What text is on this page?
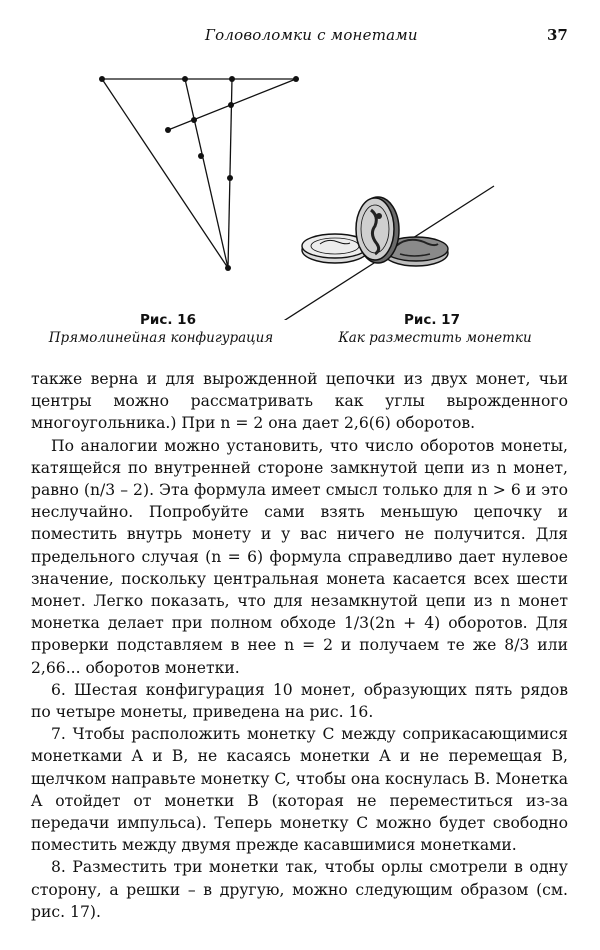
Головоломки с монетами	37
Рис. 16
Прямолинейная конфигурация
Рис. 17
Как разместить монетки

также верна и для вырожденной цепочки из двух монет, чьи центры можно рассматривать как углы вырожденного многоугольника.) При n = 2 она дает 2,6(6) оборотов.

По аналогии можно установить, что число оборотов монеты, катящейся по внутренней стороне замкнутой цепи из n монет, равно (n/3 – 2). Эта формула имеет смысл только для n > 6 и это неслучайно. Попробуйте сами взять меньшую цепочку и поместить внутрь монету и у вас ничего не получится. Для предельного случая (n = 6) формула справедливо дает нулевое значение, поскольку центральная монета касается всех шести монет. Легко показать, что для незамкнутой цепи из n монет монетка делает при полном обходе 1/3(2n + 4) оборотов. Для проверки подставляем в нее n = 2 и получаем те же 8/3 или 2,66... оборотов монетки.

6. Шестая конфигурация 10 монет, образующих пять рядов по четыре монеты, приведена на рис. 16.

7. Чтобы расположить монетку C между соприкасающимися монетками A и B, не касаясь монетки A и не перемещая B, щелчком направьте монетку C, чтобы она коснулась B. Монетка A отойдет от монетки B (которая не переместиться из-за передачи импульса). Теперь монетку C можно будет свободно поместить между двумя прежде касавшимися монетками.

8. Разместить три монетки так, чтобы орлы смотрели в одну сторону, а решки – в другую, можно следующим образом (см. рис. 17).
